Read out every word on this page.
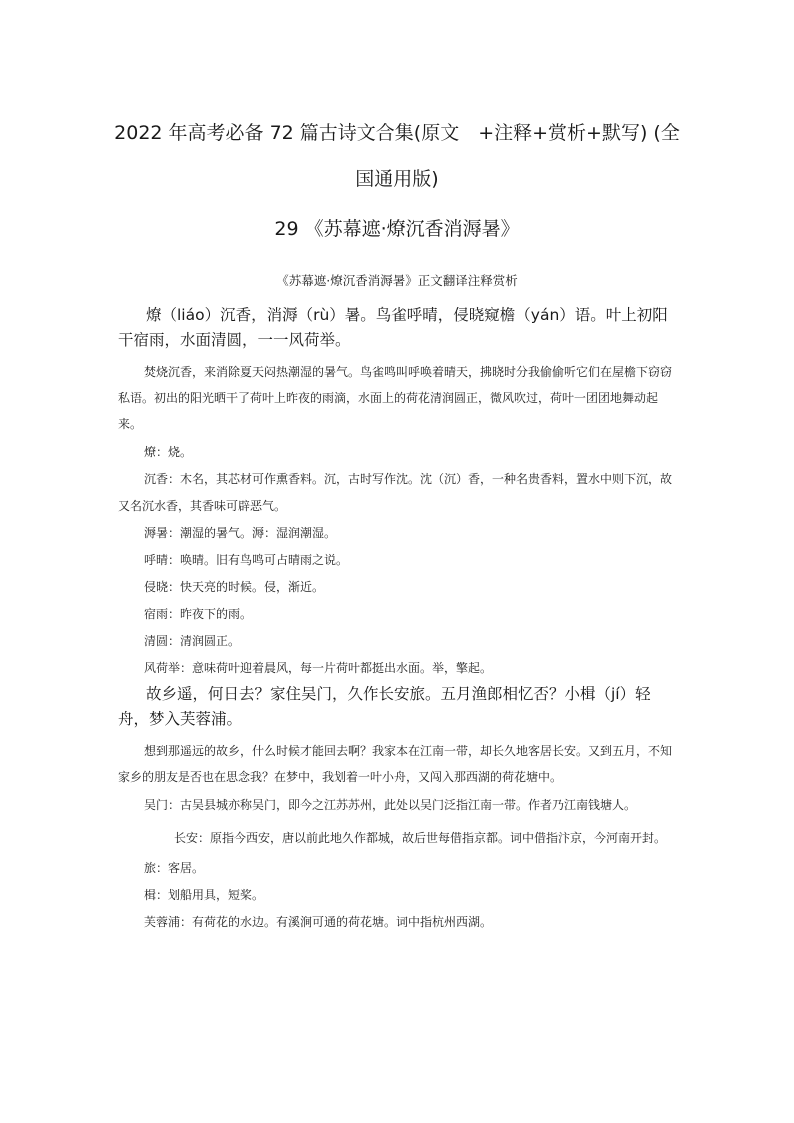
2022 年高考必备 72 篇古诗文合集(原文　+注释+赏析+默写) (全国通用版)
29 《苏幕遮·燎沉香消溽暑》
《苏幕遮·燎沉香消溽暑》正文翻译注释赏析

燎（liáo）沉香，消溽（rù）暑。鸟雀呼晴，侵晓窥檐（yán）语。叶上初阳干宿雨，水面清圆，一一风荷举。

焚烧沉香，来消除夏天闷热潮湿的暑气。鸟雀鸣叫呼唤着晴天，拂晓时分我偷偷听它们在屋檐下窃窃私语。初出的阳光晒干了荷叶上昨夜的雨滴，水面上的荷花清润圆正，微风吹过，荷叶一团团地舞动起来。

燎：烧。

沉香：木名，其芯材可作熏香料。沉，古时写作沈。沈（沉）香，一种名贵香料，置水中则下沉，故又名沉水香，其香味可辟恶气。

溽暑：潮湿的暑气。溽：湿润潮湿。

呼晴：唤晴。旧有鸟鸣可占晴雨之说。

侵晓：快天亮的时候。侵，渐近。

宿雨：昨夜下的雨。

清圆：清润圆正。

风荷举：意味荷叶迎着晨风，每一片荷叶都挺出水面。举，擎起。

故乡遥，何日去？家住吴门，久作长安旅。五月渔郎相忆否？小楫（jí）轻舟，梦入芙蓉浦。

想到那遥远的故乡，什么时候才能回去啊？我家本在江南一带，却长久地客居长安。又到五月，不知家乡的朋友是否也在思念我？在梦中，我划着一叶小舟，又闯入那西湖的荷花塘中。

吴门：古吴县城亦称吴门，即今之江苏苏州，此处以吴门泛指江南一带。作者乃江南钱塘人。

长安：原指今西安，唐以前此地久作都城，故后世每借指京都。词中借指汴京，今河南开封。

旅：客居。

楫：划船用具，短桨。

芙蓉浦：有荷花的水边。有溪涧可通的荷花塘。词中指杭州西湖。
